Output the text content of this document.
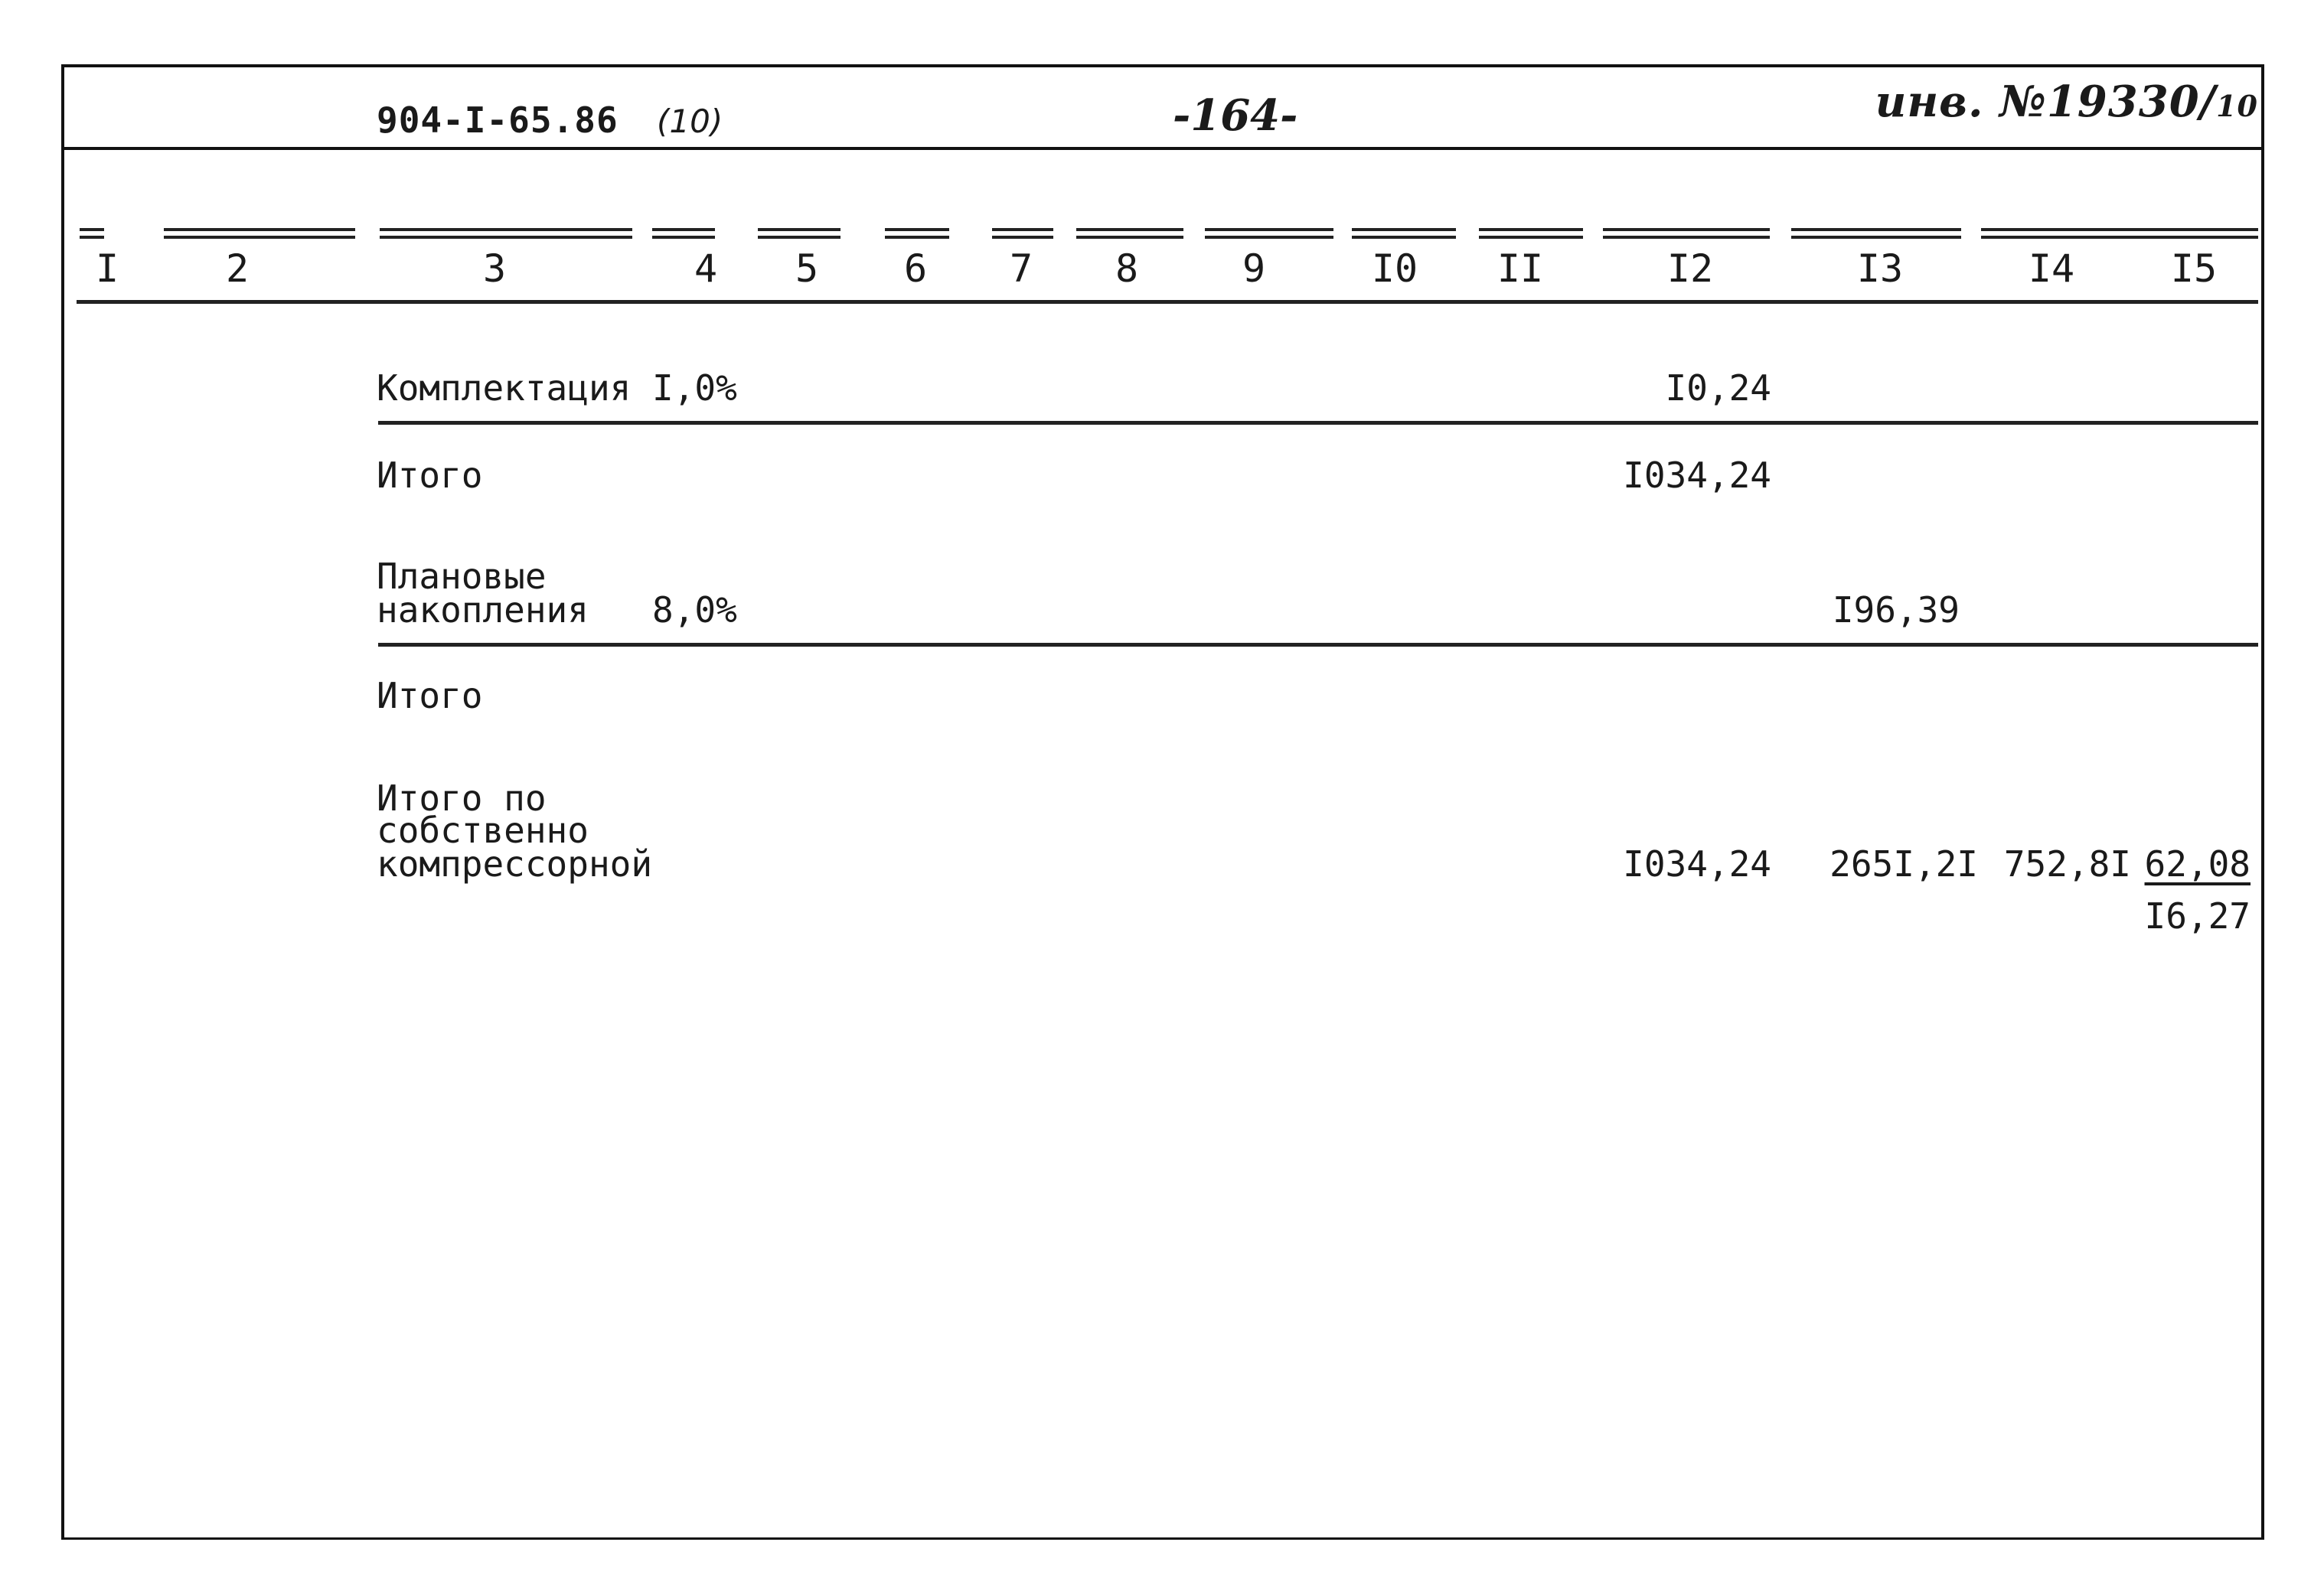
904-I-65.86 (10)	-164-	инв. №19330/10
I	2	3	4	5	6	7	8	9	I0	II	I2	I3	I4	I5
Комплектация I,0%	I0,24
Итого	I034,24
Плановые
накопления 8,0%	I96,39
Итого
Итого по
собственно
компрессорной	I034,24 265I,2I 752,8I 62,08
I6,27
